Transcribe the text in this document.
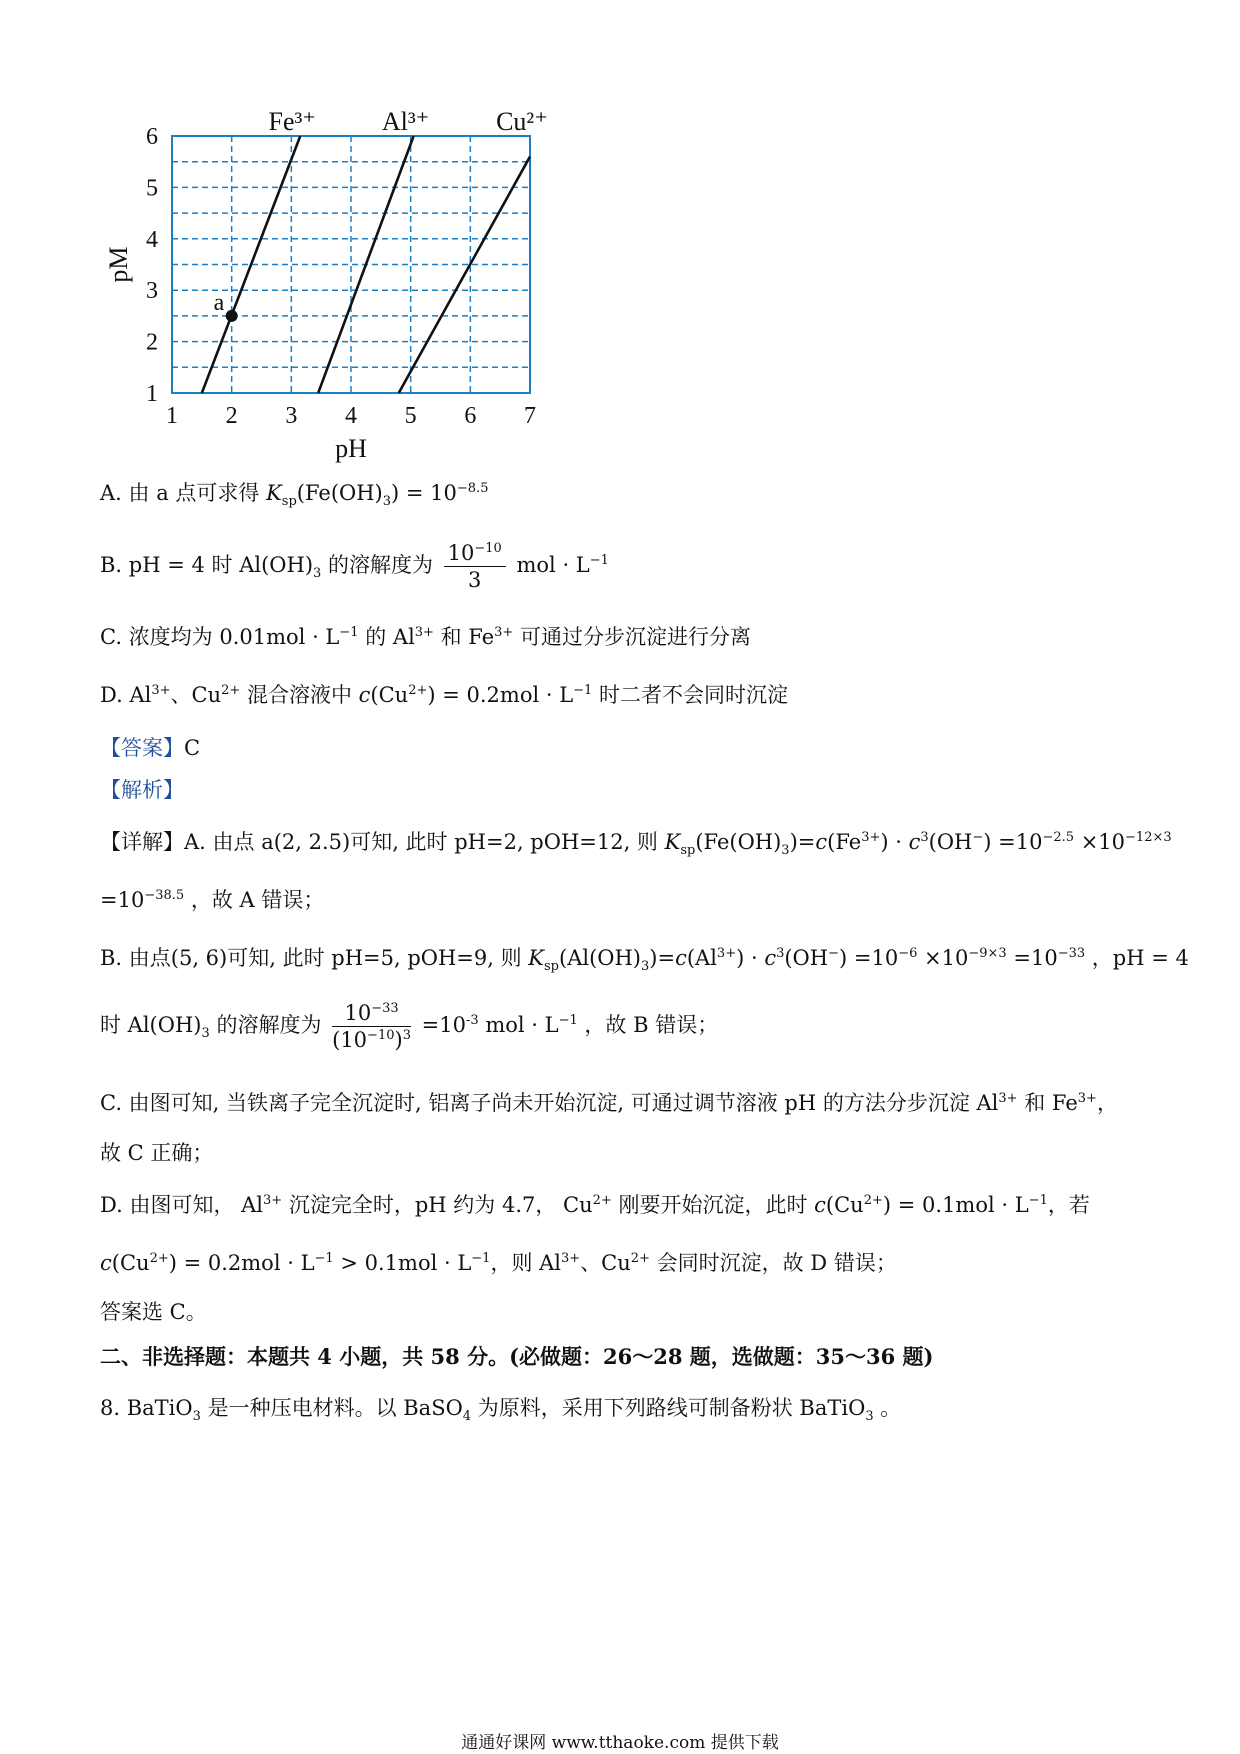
1 2 3 4 5 6 7
1
2
3
4
5
6
Fe³⁺	Al³⁺	Cu²⁺
a
pH
pM
A. 由 a 点可求得 $K_{sp}(Fe(OH)_3) = 10^{-8.5}$
B. pH = 4 时 $Al(OH)_3$ 的溶解度为 $\frac{10^{-10}}{3}$ mol · $L^{-1}$
C. 浓度均为 $0.01mol \cdot L^{-1}$ 的 $Al^{3+}$ 和 $Fe^{3+}$ 可通过分步沉淀进行分离
D. $Al^{3+}$、$Cu^{2+}$ 混合溶液中 $c(Cu^{2+}) = 0.2mol \cdot L^{-1}$ 时二者不会同时沉淀
【答案】C
【解析】
【详解】A. 由点 a(2, 2.5)可知, 此时 pH=2, pOH=12, 则 $K_{sp}(Fe(OH)_3)=c(Fe^{3+}) \cdot c^3(OH^-) =10^{-2.5} \times 10^{-12\times 3}$
$=10^{-38.5}$ ，故 A 错误；
B. 由点(5, 6)可知, 此时 pH=5, pOH=9, 则 $K_{sp}(Al(OH)_3)=c(Al^{3+}) \cdot c^3(OH^-) =10^{-6} \times 10^{-9\times 3} =10^{-33}$ ，pH = 4
时 $Al(OH)_3$ 的溶解度为 $\frac{10^{-33}}{(10^{-10})^3} =10^{-3}$ mol · $L^{-1}$ ，故 B 错误；
C. 由图可知, 当铁离子完全沉淀时, 铝离子尚未开始沉淀, 可通过调节溶液 pH 的方法分步沉淀 $Al^{3+}$ 和 $Fe^{3+}$，
故 C 正确；
D. 由图可知， $Al^{3+}$ 沉淀完全时，pH 约为 4.7， $Cu^{2+}$ 刚要开始沉淀，此时 $c(Cu^{2+}) = 0.1mol \cdot L^{-1}$，若
$c(Cu^{2+}) = 0.2mol \cdot L^{-1} > 0.1mol \cdot L^{-1}$，则 $Al^{3+}$、$Cu^{2+}$ 会同时沉淀，故 D 错误；
答案选 C。
二、非选择题：本题共 4 小题，共 58 分。(必做题：26～28 题，选做题：35～36 题)
8. BaTiO$_3$ 是一种压电材料。以 BaSO$_4$ 为原料，采用下列路线可制备粉状 BaTiO$_3$ 。
通通好课网 www.tthaoke.com 提供下载
